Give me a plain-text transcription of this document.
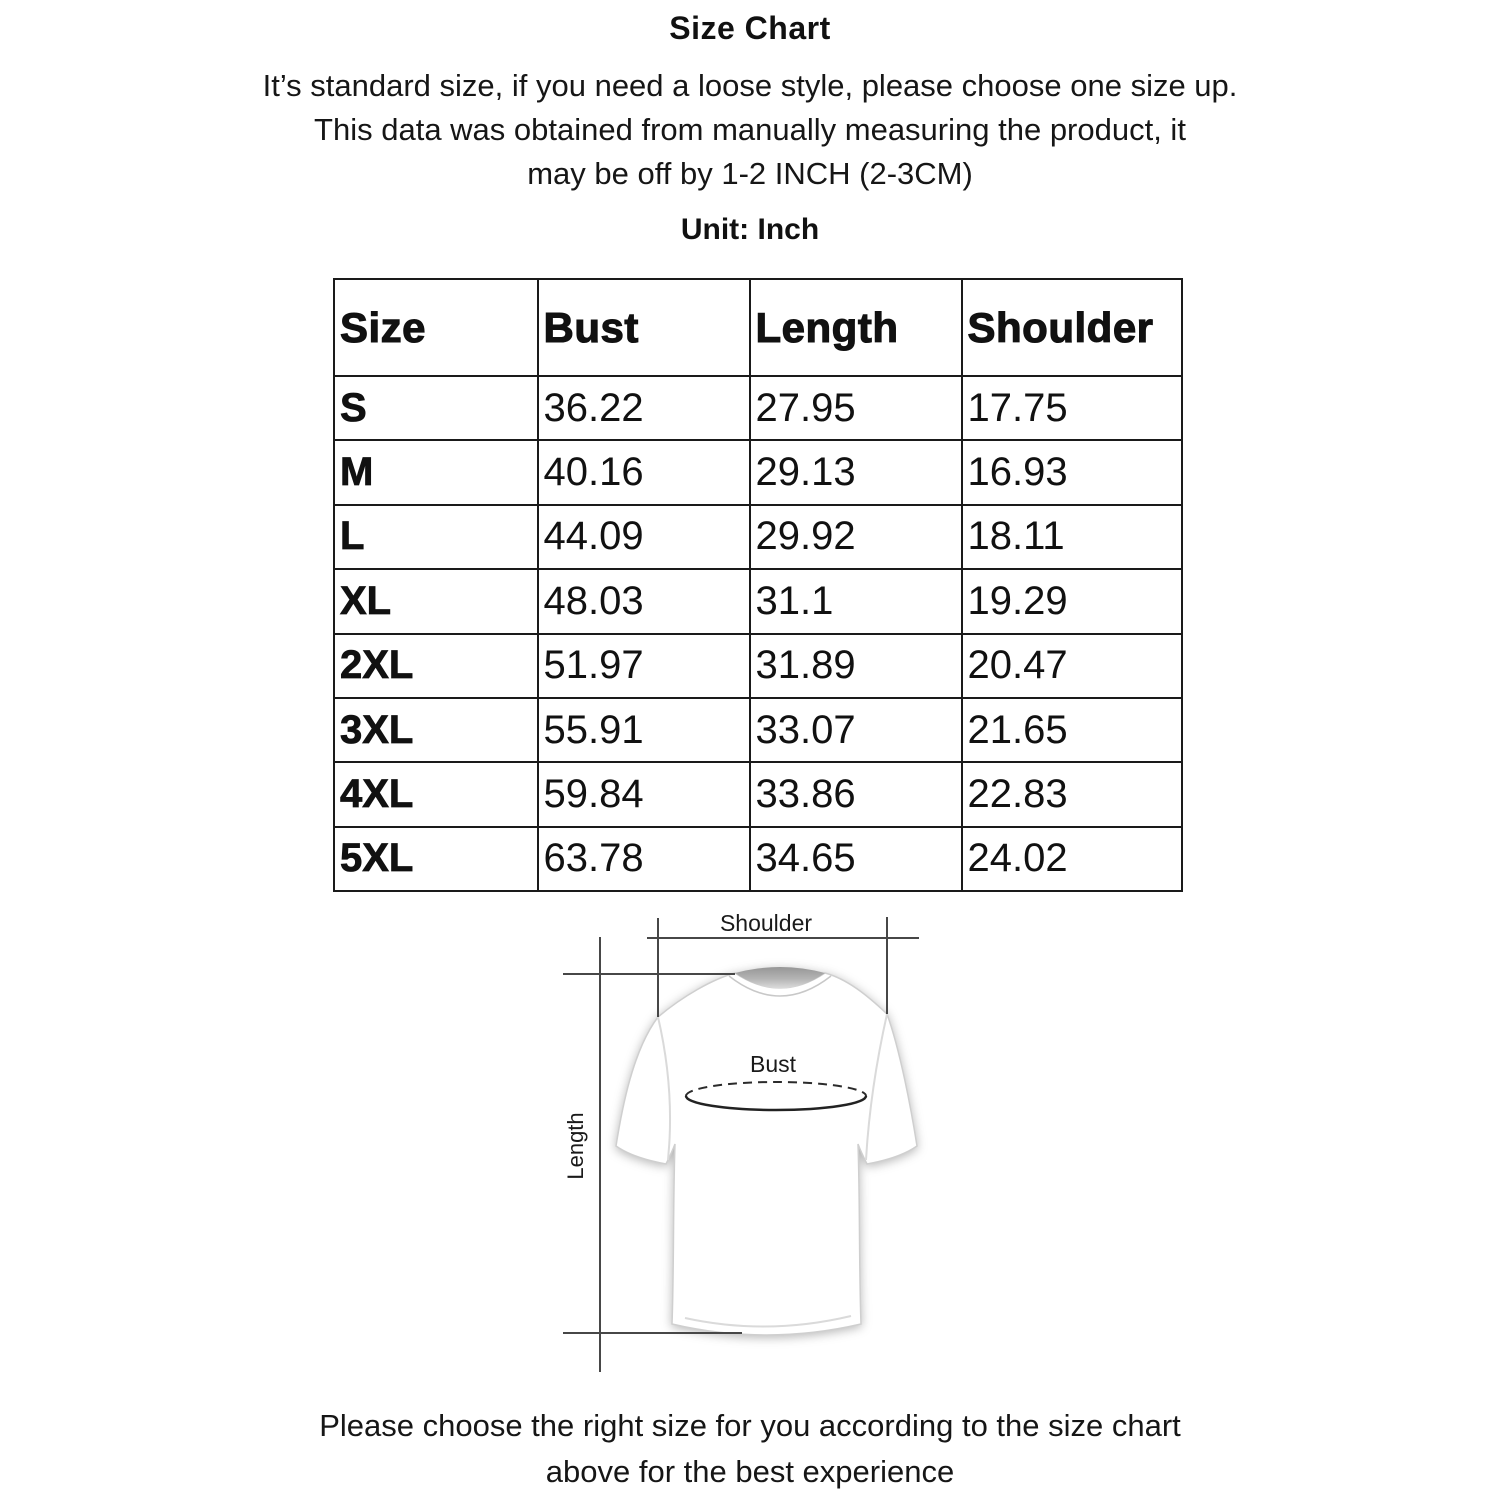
Size Chart
It’s standard size, if you need a loose style, please choose one size up.
This data was obtained from manually measuring the product, it
may be off by 1-2 INCH (2-3CM)
Unit: Inch
Size	Bust	Length	Shoulder
S	36.22	27.95	17.75
M	40.16	29.13	16.93
L	44.09	29.92	18.11
XL	48.03	31.1	19.29
2XL	51.97	31.89	20.47
3XL	55.91	33.07	21.65
4XL	59.84	33.86	22.83
5XL	63.78	34.65	24.02
Shoulder
Bust
Length
Please choose the right size for you according to the size chart
above for the best experience
